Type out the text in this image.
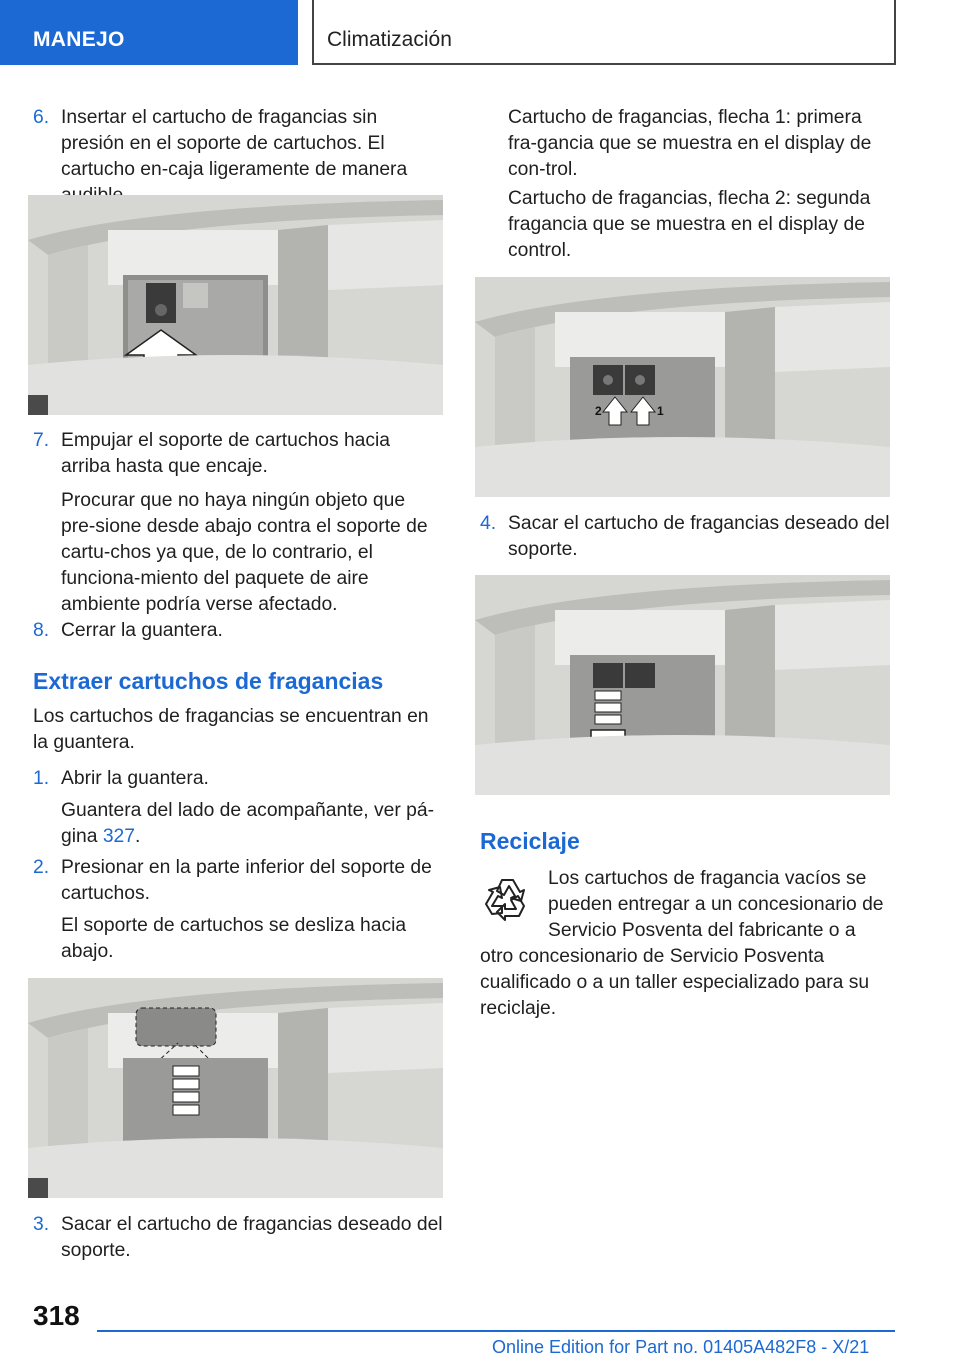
MANEJO	Climatización
6. Insertar el cartucho de fragancias sin presión en el soporte de cartuchos. El cartucho en‐caja ligeramente de manera
7. Empujar el soporte de cartuchos hacia arriba hasta que encaje.
Procurar que no haya ningún objeto que pre‐sione desde abajo contra el soporte de cartu‐chos ya que, de lo contrario, el funciona‐miento del paquete de aire ambiente podría verse afectado.
8. Cerrar la guantera.
Extraer cartuchos de fragancias
Los cartuchos de fragancias se encuentran en la guantera.
1. Abrir la guantera.
Guantera del lado de acompañante, ver pá‐gina 327.
2. Presionar en la parte inferior del soporte de cartuchos.
El soporte de cartuchos se desliza hacia abajo.
3. Sacar el cartucho de fragancias deseado del soporte.
Cartucho de fragancias, flecha 1: primera fra‐gancia que se muestra en el display de con‐trol.
Cartucho de fragancias, flecha 2: segunda fragancia que se muestra en el display de control.
2	1
4. Sacar el cartucho de fragancias deseado del soporte.
Reciclaje
Los cartuchos de fragancia vacíos se pueden entregar a un concesionario de Servicio Posventa del fabricante o a otro concesionario de Servicio Posventa cualificado o a un taller especializado para su reciclaje.
318
Online Edition for Part no. 01405A482F8 - X/21
